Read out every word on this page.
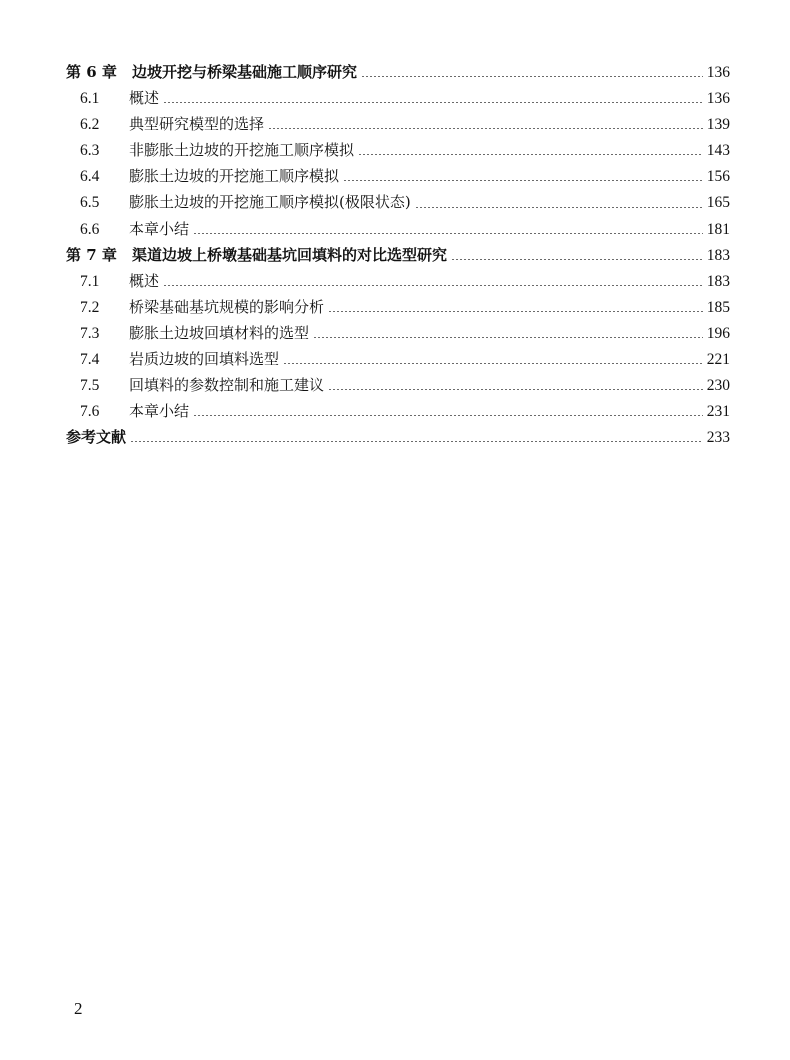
第 6 章	边坡开挖与桥梁基础施工顺序研究	136
6.1	概述	136
6.2	典型研究模型的选择	139
6.3	非膨胀土边坡的开挖施工顺序模拟	143
6.4	膨胀土边坡的开挖施工顺序模拟	156
6.5	膨胀土边坡的开挖施工顺序模拟(极限状态)	165
6.6	本章小结	181
第 7 章	渠道边坡上桥墩基础基坑回填料的对比选型研究	183
7.1	概述	183
7.2	桥梁基础基坑规模的影响分析	185
7.3	膨胀土边坡回填材料的选型	196
7.4	岩质边坡的回填料选型	221
7.5	回填料的参数控制和施工建议	230
7.6	本章小结	231
参考文献	233
2
